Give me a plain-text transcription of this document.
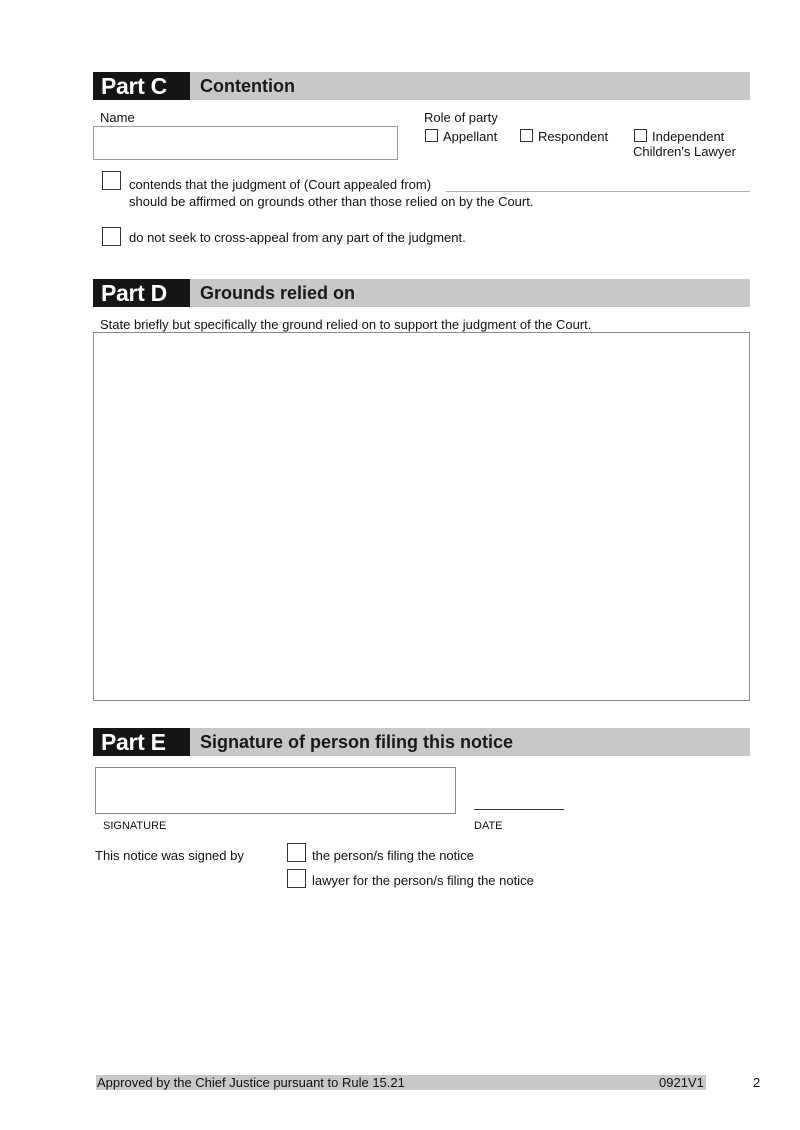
Part C	Contention
Name	Role of party
Appellant	Respondent	Independent
Children's Lawyer
contends that the judgment of (Court appealed from)
should be affirmed on grounds other than those relied on by the Court.
do not seek to cross-appeal from any part of the judgment.
Part D	Grounds relied on
State briefly but specifically the ground relied on to support the judgment of the Court.
Part E	Signature of person filing this notice
SIGNATURE	DATE
This notice was signed by	the person/s filing the notice
lawyer for the person/s filing the notice
Approved by the Chief Justice pursuant to Rule 15.21	0921V1	2
